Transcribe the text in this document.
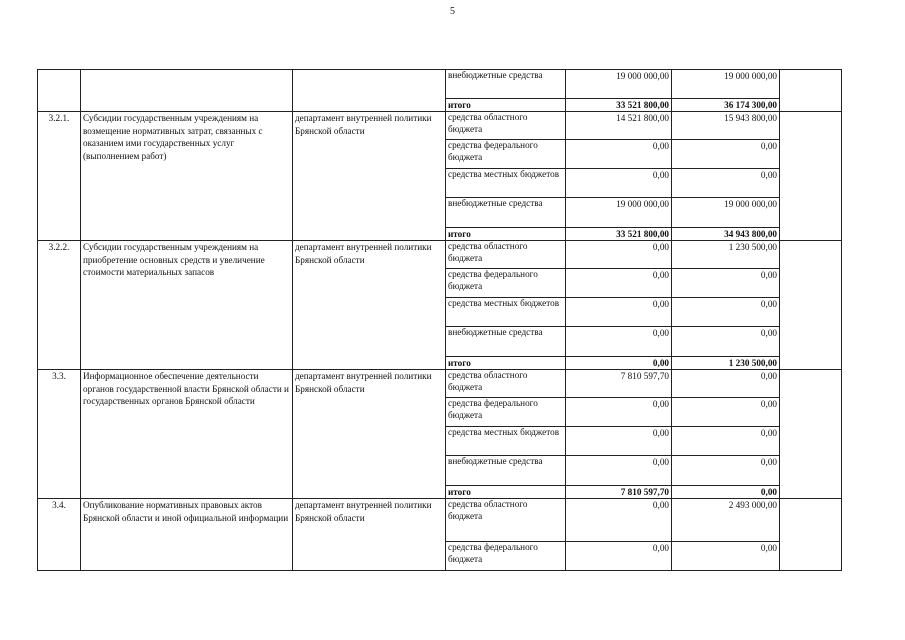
5
			внебюджетные средства	19 000 000,00	19 000 000,00	
			итого	33 521 800,00	36 174 300,00	
3.2.1.	Субсидии государственным учреждениям на возмещение нормативных затрат, связанных с оказанием ими государственных услуг (выполнением работ)	департамент внутренней политики Брянской области	средства областного бюджета	14 521 800,00	15 943 800,00	
			средства федерального бюджета	0,00	0,00	
			средства местных бюджетов	0,00	0,00	
			внебюджетные средства	19 000 000,00	19 000 000,00	
			итого	33 521 800,00	34 943 800,00	
3.2.2.	Субсидии государственным учреждениям на приобретение основных средств и увеличение стоимости материальных запасов	департамент внутренней политики Брянской области	средства областного бюджета	0,00	1 230 500,00	
			средства федерального бюджета	0,00	0,00	
			средства местных бюджетов	0,00	0,00	
			внебюджетные средства	0,00	0,00	
			итого	0,00	1 230 500,00	
3.3.	Информационное обеспечение деятельности органов государственной власти Брянской области и государственных органов Брянской области	департамент внутренней политики Брянской области	средства областного бюджета	7 810 597,70	0,00	
			средства федерального бюджета	0,00	0,00	
			средства местных бюджетов	0,00	0,00	
			внебюджетные средства	0,00	0,00	
			итого	7 810 597,70	0,00	
3.4.	Опубликование нормативных правовых актов Брянской области и иной официальной информации	департамент внутренней политики Брянской области	средства областного бюджета	0,00	2 493 000,00	
			средства федерального бюджета	0,00	0,00	
